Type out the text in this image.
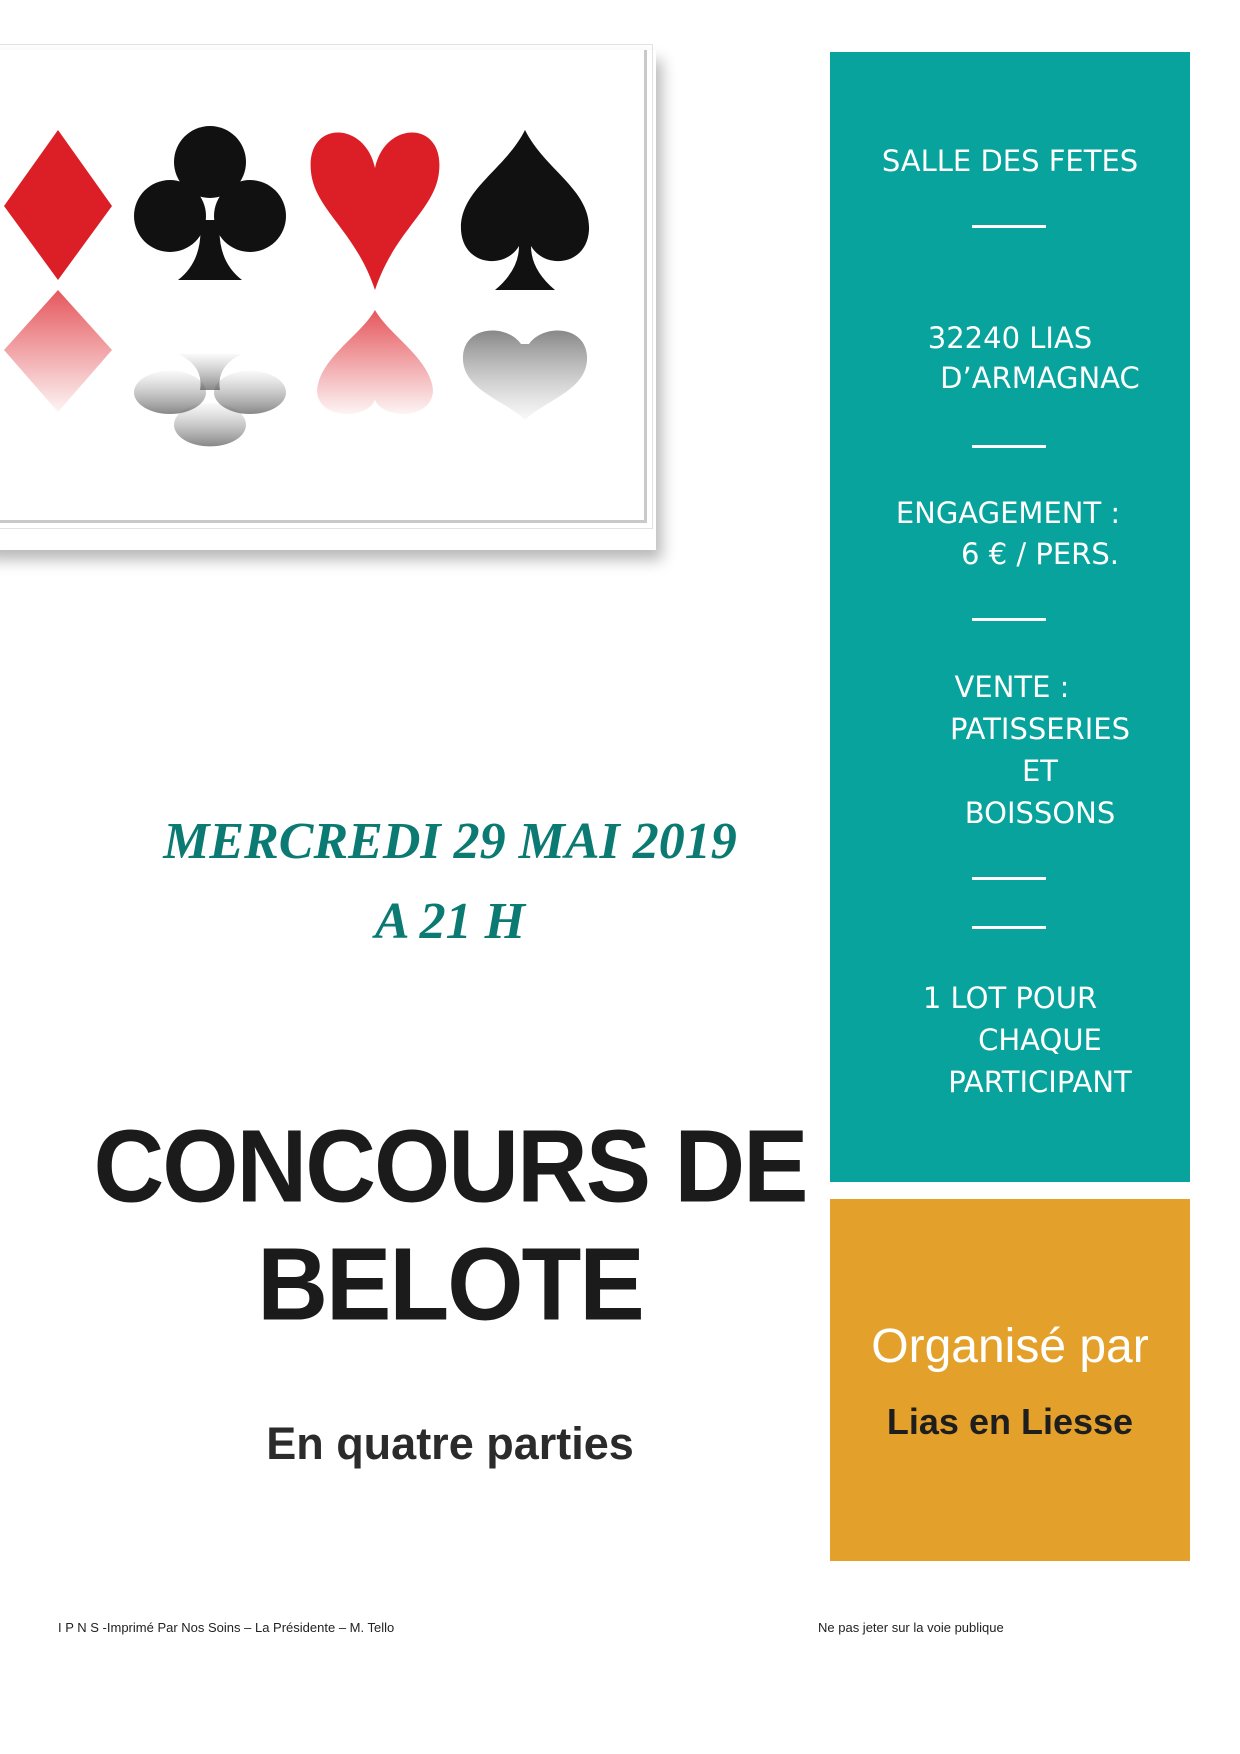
SALLE DES FETES
32240 LIAS
D’ARMAGNAC
ENGAGEMENT :
6 € / PERS.
VENTE :
PATISSERIES
ET
BOISSONS
1 LOT POUR
CHAQUE
PARTICIPANT
Organisé par
Lias en Liesse
MERCREDI 29 MAI 2019
A 21 H
CONCOURS DE
BELOTE
En quatre parties
I P N S -Imprimé Par Nos Soins – La Présidente – M. Tello	Ne pas jeter sur la voie publique
